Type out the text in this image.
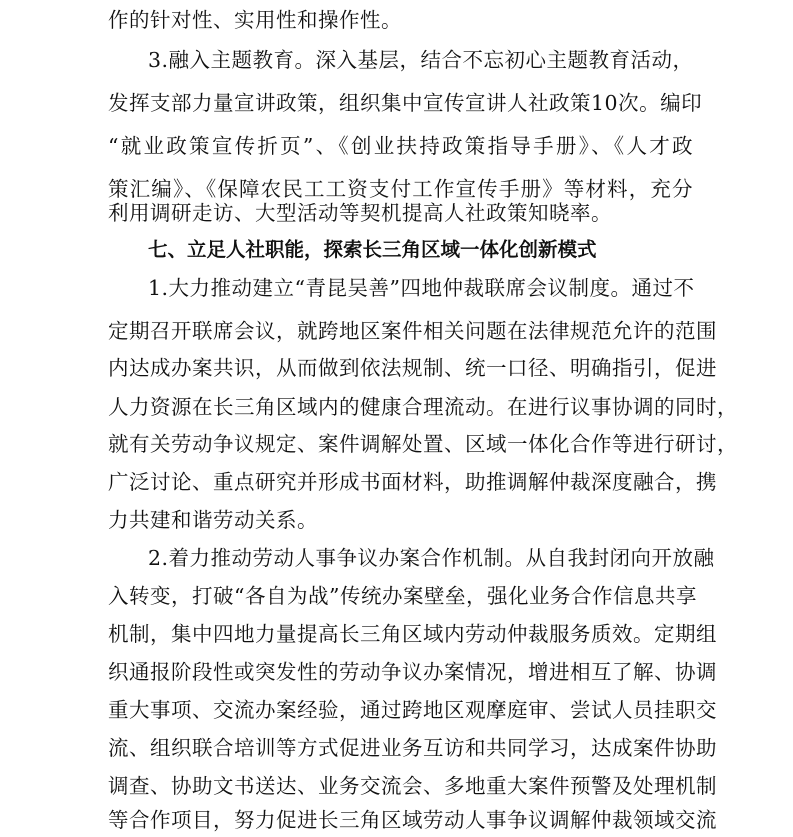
作的针对性、实用性和操作性。
3.融入主题教育。深入基层，结合不忘初心主题教育活动，
发挥支部力量宣讲政策，组织集中宣传宣讲人社政策10次。编印
“就业政策宣传折页”、《创业扶持政策指导手册》、《人才政
策汇编》、《保障农民工工资支付工作宣传手册》等材料，充分
利用调研走访、大型活动等契机提高人社政策知晓率。
七、立足人社职能，探索长三角区域一体化创新模式
1.大力推动建立“青昆吴善”四地仲裁联席会议制度。通过不
定期召开联席会议，就跨地区案件相关问题在法律规范允许的范围
内达成办案共识，从而做到依法规制、统一口径、明确指引，促进
人力资源在长三角区域内的健康合理流动。在进行议事协调的同时，
就有关劳动争议规定、案件调解处置、区域一体化合作等进行研讨，
广泛讨论、重点研究并形成书面材料，助推调解仲裁深度融合，携
力共建和谐劳动关系。
2.着力推动劳动人事争议办案合作机制。从自我封闭向开放融
入转变，打破“各自为战”传统办案壁垒，强化业务合作信息共享
机制，集中四地力量提高长三角区域内劳动仲裁服务质效。定期组
织通报阶段性或突发性的劳动争议办案情况，增进相互了解、协调
重大事项、交流办案经验，通过跨地区观摩庭审、尝试人员挂职交
流、组织联合培训等方式促进业务互访和共同学习，达成案件协助
调查、协助文书送达、业务交流会、多地重大案件预警及处理机制
等合作项目，努力促进长三角区域劳动人事争议调解仲裁领域交流
